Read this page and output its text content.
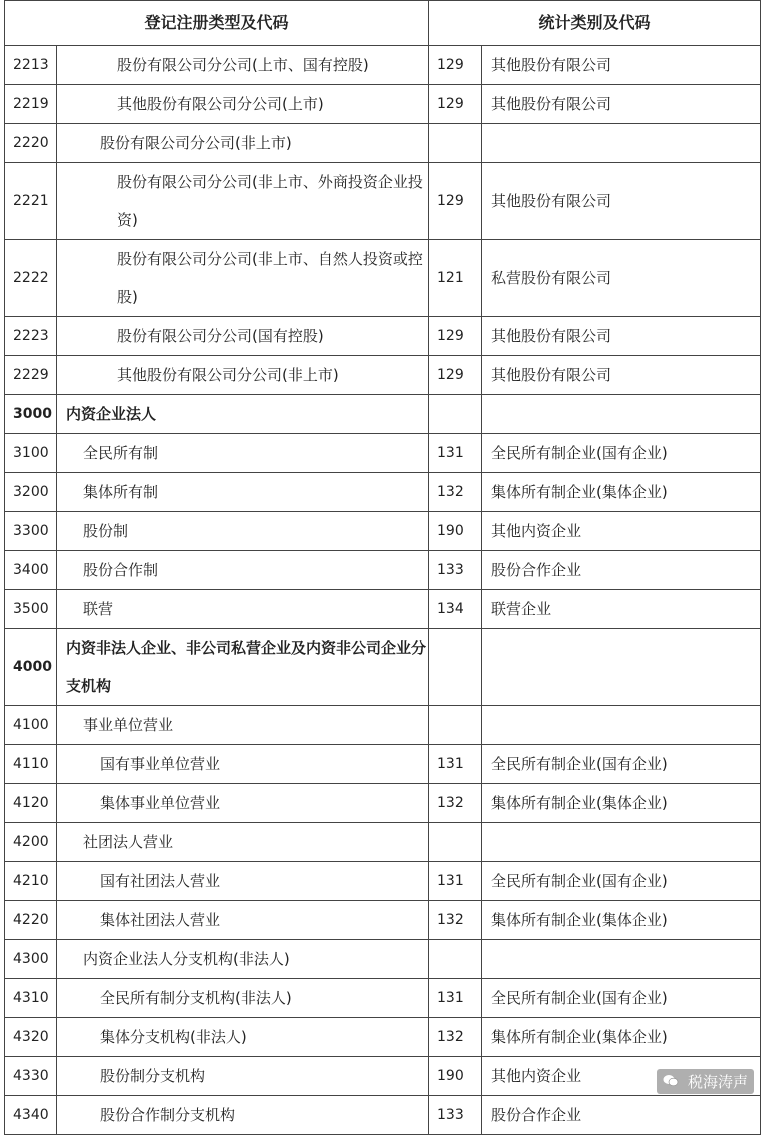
登记注册类型及代码		统计类别及代码	
2213	股份有限公司分公司(上市、国有控股)	129	其他股份有限公司
2219	其他股份有限公司分公司(上市)	129	其他股份有限公司
2220	股份有限公司分公司(非上市)		
2221	股份有限公司分公司(非上市、外商投资企业投资)	129	其他股份有限公司
2222	股份有限公司分公司(非上市、自然人投资或控股)	121	私营股份有限公司
2223	股份有限公司分公司(国有控股)	129	其他股份有限公司
2229	其他股份有限公司分公司(非上市)	129	其他股份有限公司
3000	内资企业法人		
3100	全民所有制	131	全民所有制企业(国有企业)
3200	集体所有制	132	集体所有制企业(集体企业)
3300	股份制	190	其他内资企业
3400	股份合作制	133	股份合作企业
3500	联营	134	联营企业
4000	内资非法人企业、非公司私营企业及内资非公司企业分支机构		
4100	事业单位营业		
4110	国有事业单位营业	131	全民所有制企业(国有企业)
4120	集体事业单位营业	132	集体所有制企业(集体企业)
4200	社团法人营业		
4210	国有社团法人营业	131	全民所有制企业(国有企业)
4220	集体社团法人营业	132	集体所有制企业(集体企业)
4300	内资企业法人分支机构(非法人)		
4310	全民所有制分支机构(非法人)	131	全民所有制企业(国有企业)
4320	集体分支机构(非法人)	132	集体所有制企业(集体企业)
4330	股份制分支机构	190	其他内资企业
4340	股份合作制分支机构	133	股份合作企业
税海涛声
